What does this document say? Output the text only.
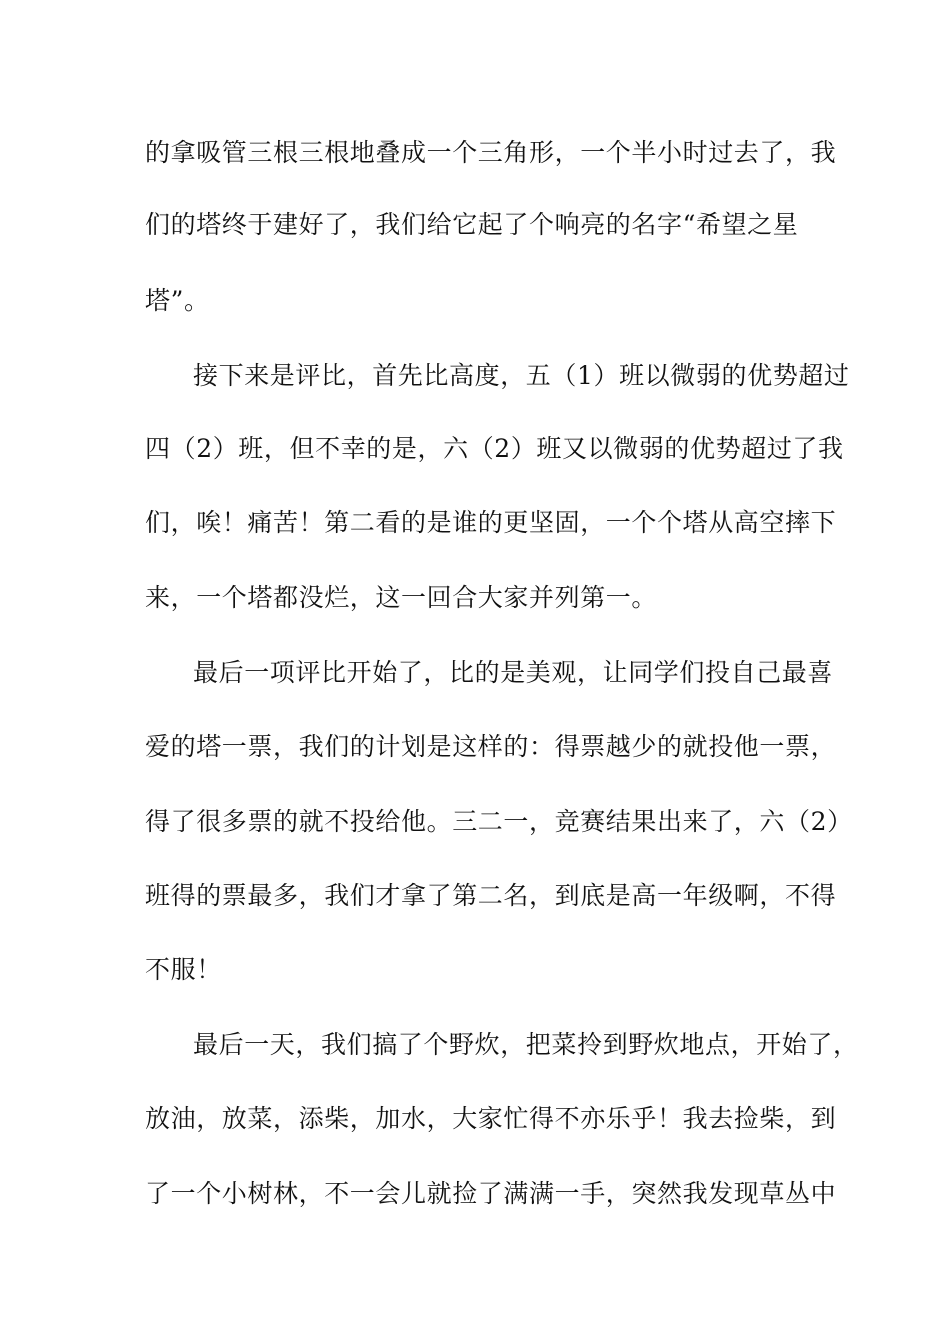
的拿吸管三根三根地叠成一个三角形，一个半小时过去了，我
们的塔终于建好了，我们给它起了个响亮的名字“希望之星
塔”。
接下来是评比，首先比高度，五（1）班以微弱的优势超过
四（2）班，但不幸的是，六（2）班又以微弱的优势超过了我
们，唉！痛苦！第二看的是谁的更坚固，一个个塔从高空摔下
来，一个塔都没烂，这一回合大家并列第一。
最后一项评比开始了，比的是美观，让同学们投自己最喜
爱的塔一票，我们的计划是这样的：得票越少的就投他一票，
得了很多票的就不投给他。三二一，竞赛结果出来了，六（2）
班得的票最多，我们才拿了第二名，到底是高一年级啊，不得
不服！
最后一天，我们搞了个野炊，把菜拎到野炊地点，开始了，
放油，放菜，添柴，加水，大家忙得不亦乐乎！我去捡柴，到
了一个小树林，不一会儿就捡了满满一手，突然我发现草丛中
